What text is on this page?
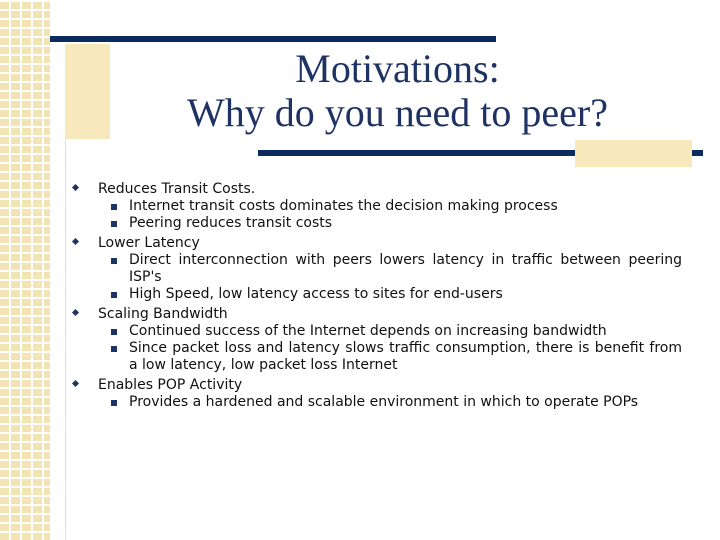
Motivations:
Why do you need to peer?
Reduces Transit Costs.
Internet transit costs dominates the decision making process
Peering reduces transit costs
Lower Latency
Direct interconnection with peers lowers latency in traffic between peering ISP's
High Speed, low latency access to sites for end-users
Scaling Bandwidth
Continued success of the Internet depends on increasing bandwidth
Since packet loss and latency slows traffic consumption, there is benefit from a low latency, low packet loss Internet
Enables POP Activity
Provides a hardened and scalable environment in which to operate POPs
